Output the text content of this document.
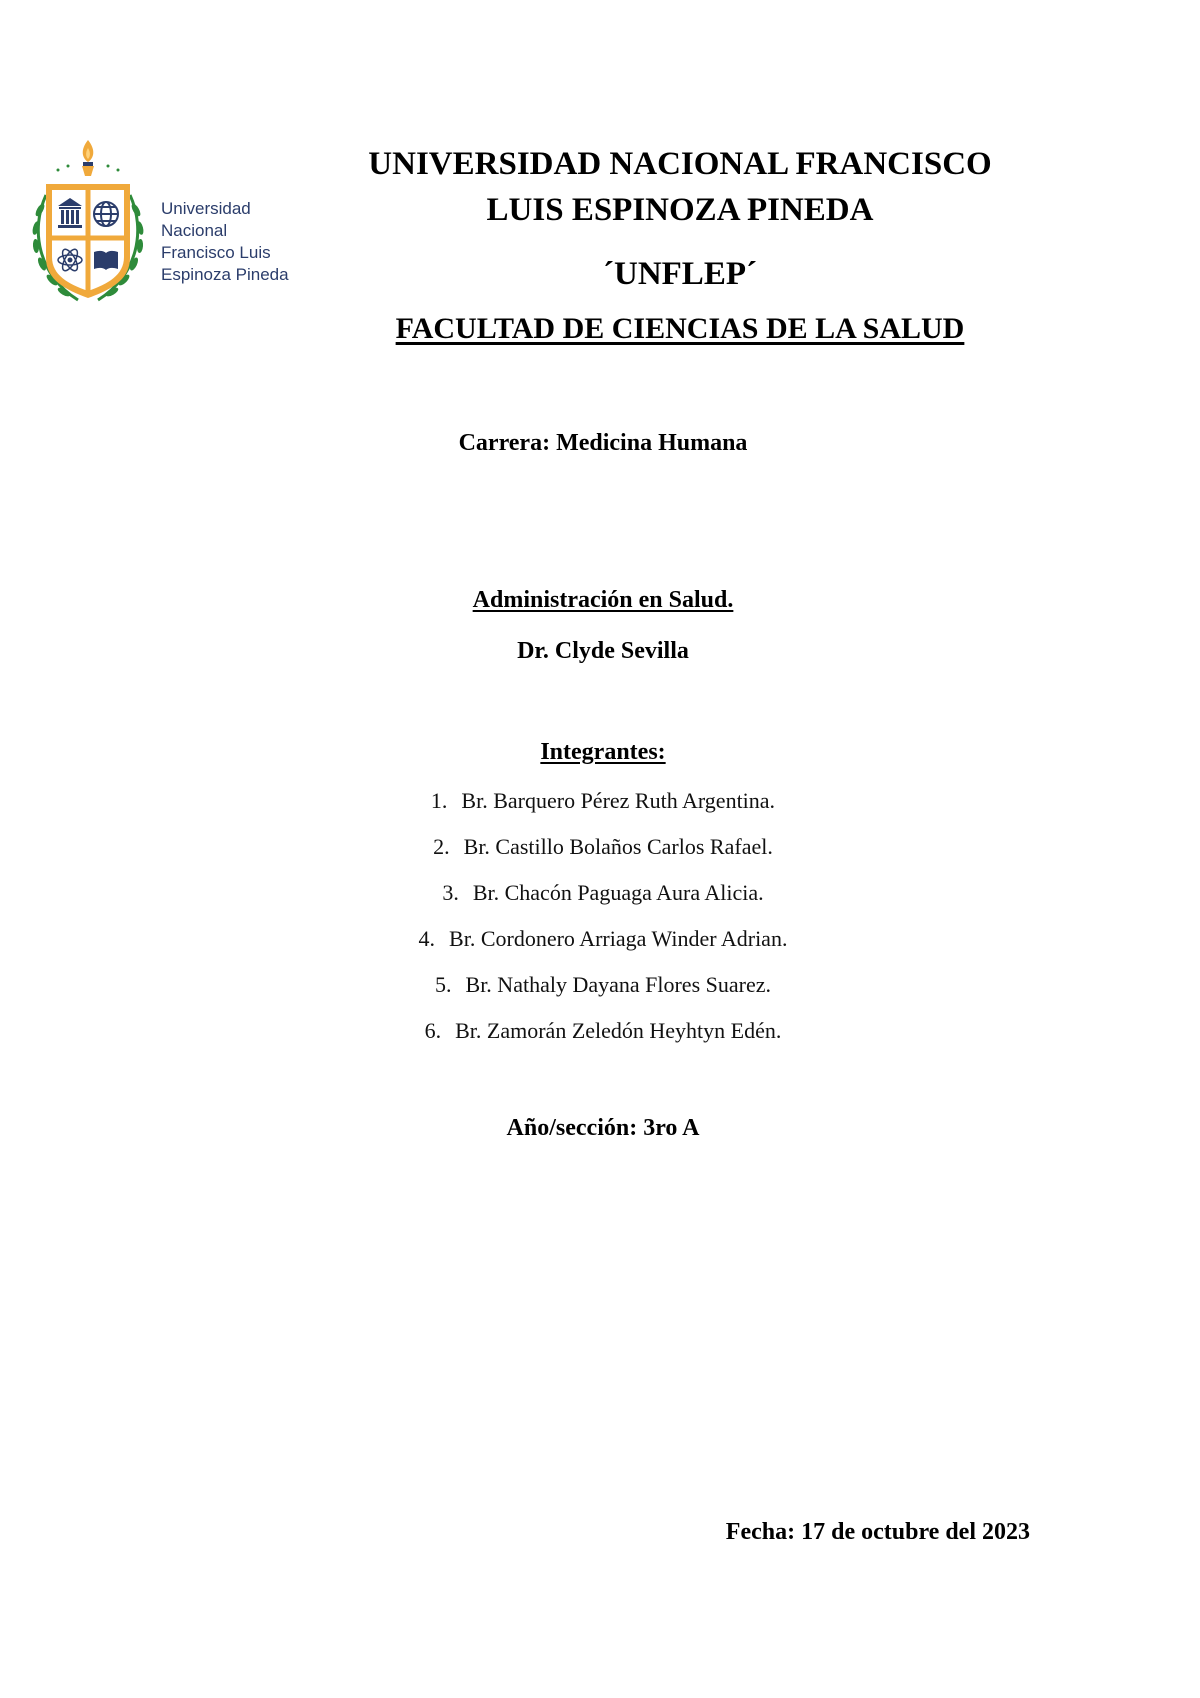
Universidad
Nacional
Francisco Luis
Espinoza Pineda
UNIVERSIDAD NACIONAL FRANCISCO
LUIS ESPINOZA PINEDA
´UNFLEP´
FACULTAD DE CIENCIAS DE LA SALUD
Carrera: Medicina Humana
Administración en Salud.
Dr. Clyde Sevilla
Integrantes:
1. Br. Barquero Pérez Ruth Argentina.
2. Br. Castillo Bolaños Carlos Rafael.
3. Br. Chacón Paguaga Aura Alicia.
4. Br. Cordonero Arriaga Winder Adrian.
5. Br. Nathaly Dayana Flores Suarez.
6. Br. Zamorán Zeledón Heyhtyn Edén.
Año/sección: 3ro A
Fecha: 17 de octubre del 2023
